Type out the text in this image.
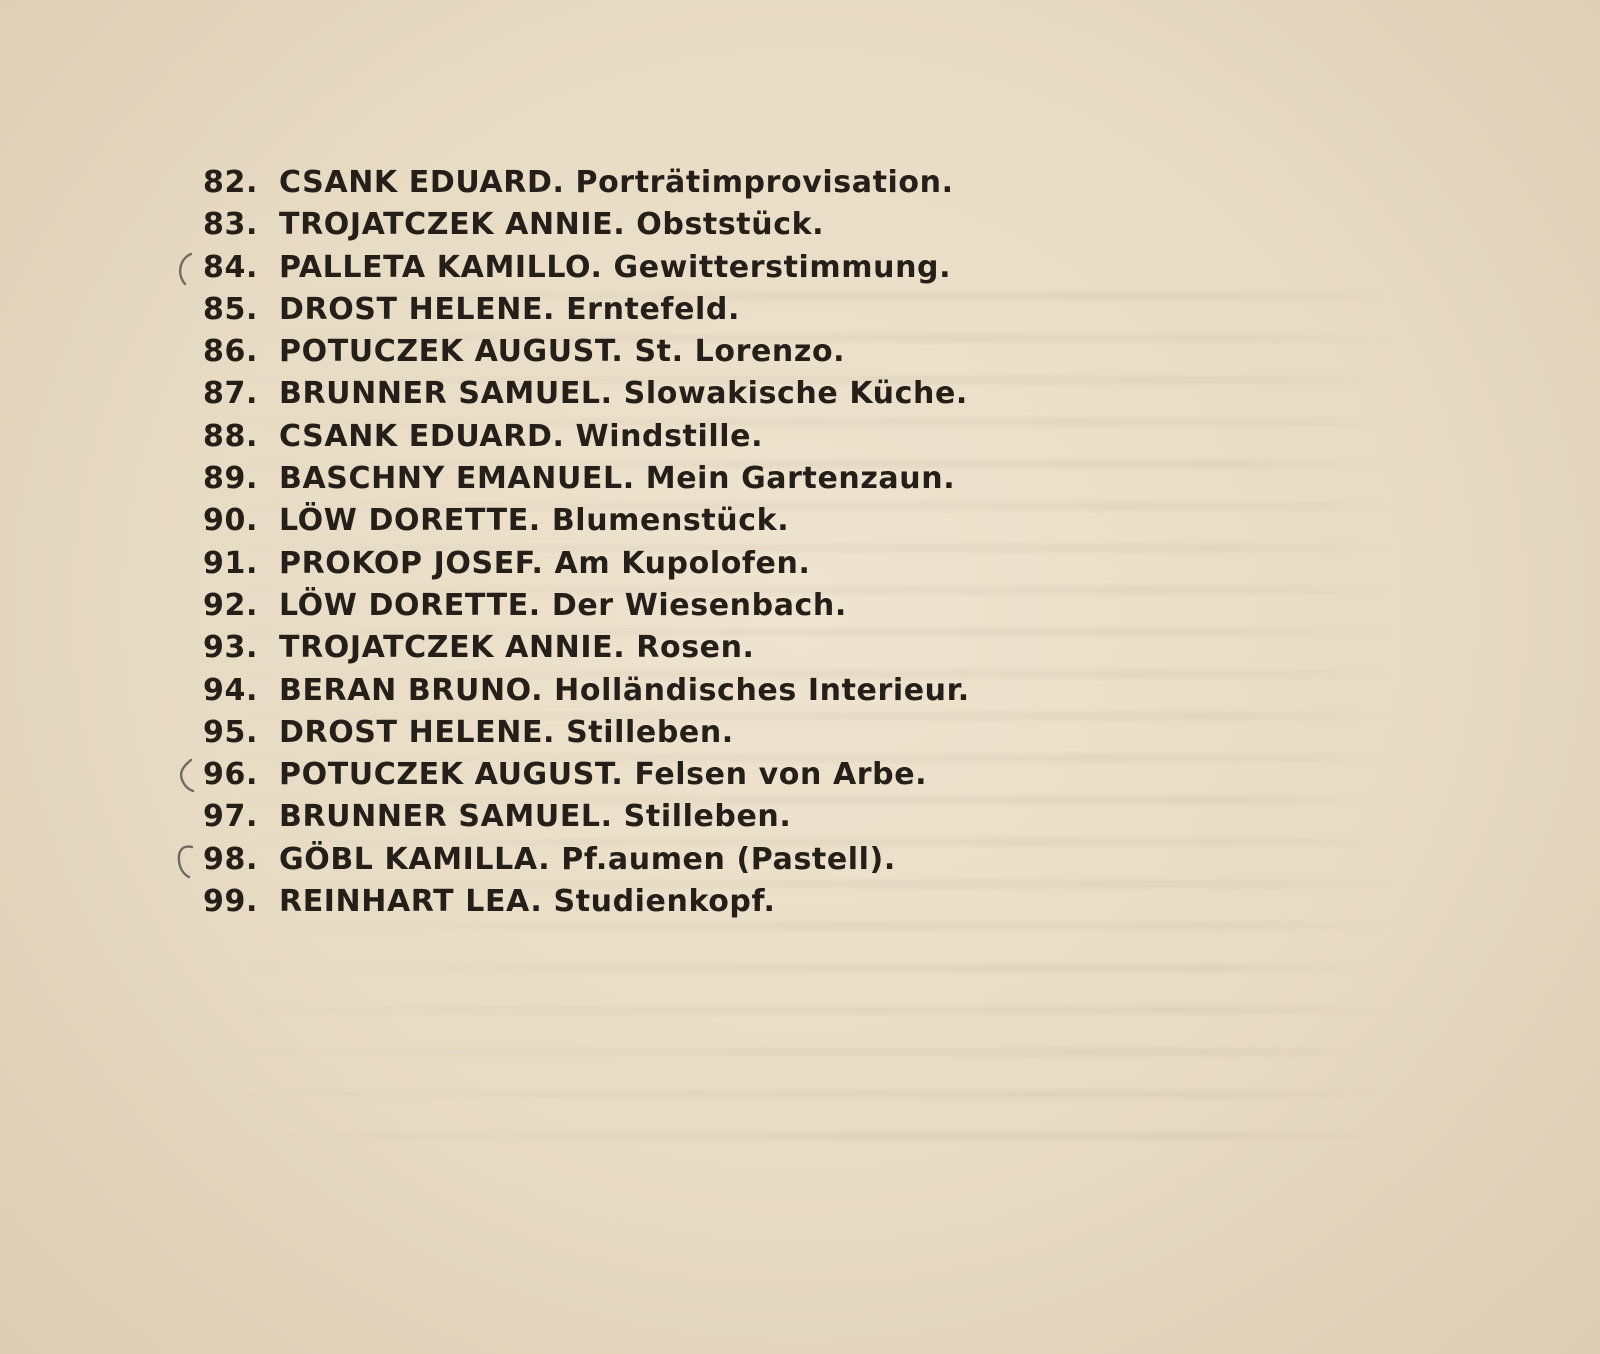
82. CSANK EDUARD. Porträtimprovisation.
83. TROJATCZEK ANNIE. Obststück.
84. PALLETA KAMILLO. Gewitterstimmung.
85. DROST HELENE. Erntefeld.
86. POTUCZEK AUGUST. St. Lorenzo.
87. BRUNNER SAMUEL. Slowakische Küche.
88. CSANK EDUARD. Windstille.
89. BASCHNY EMANUEL. Mein Gartenzaun.
90. LÖW DORETTE. Blumenstück.
91. PROKOP JOSEF. Am Kupolofen.
92. LÖW DORETTE. Der Wiesenbach.
93. TROJATCZEK ANNIE. Rosen.
94. BERAN BRUNO. Holländisches Interieur.
95. DROST HELENE. Stilleben.
96. POTUCZEK AUGUST. Felsen von Arbe.
97. BRUNNER SAMUEL. Stilleben.
98. GÖBL KAMILLA. Pf.aumen (Pastell).
99. REINHART LEA. Studienkopf.
